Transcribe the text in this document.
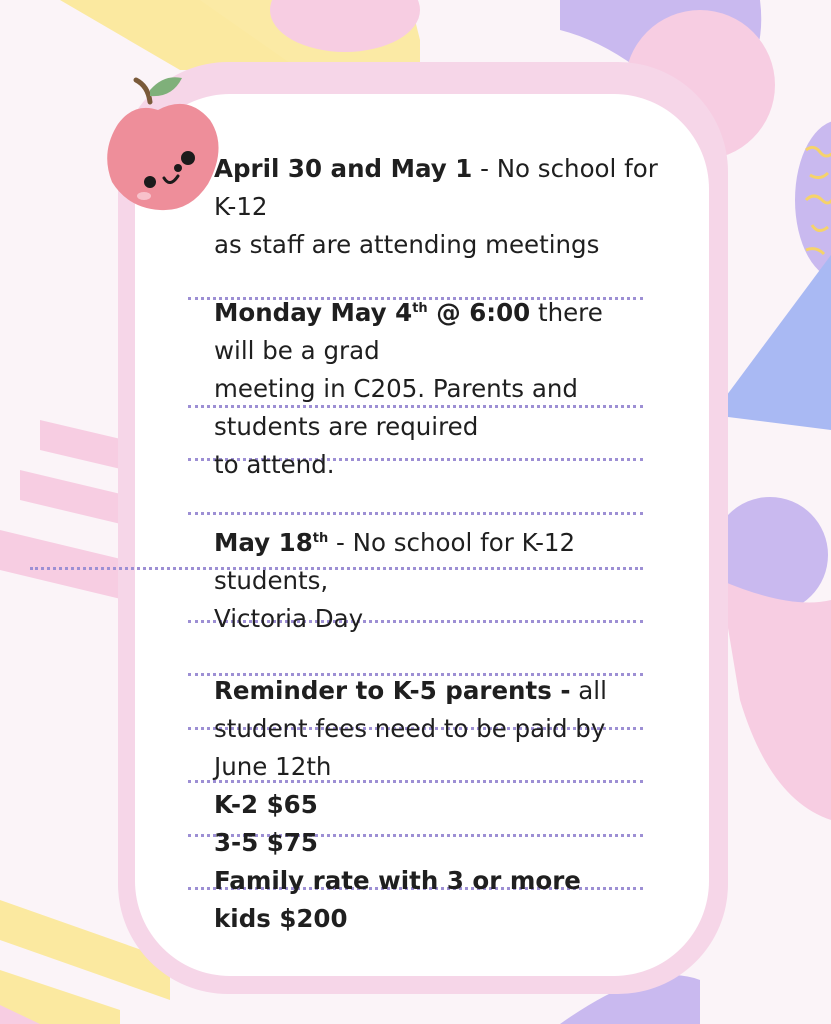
April 30 and May 1 - No school for K-12

as staff are attending meetings

Monday May 4th @ 6:00 there will be a grad

meeting in C205. Parents and students are required

to attend.

May 18th - No school for K-12 students,

Victoria Day

Reminder to K-5 parents - all student fees need to be paid by June 12th

K-2 $65

3-5 $75

Family rate with 3 or more kids $200
